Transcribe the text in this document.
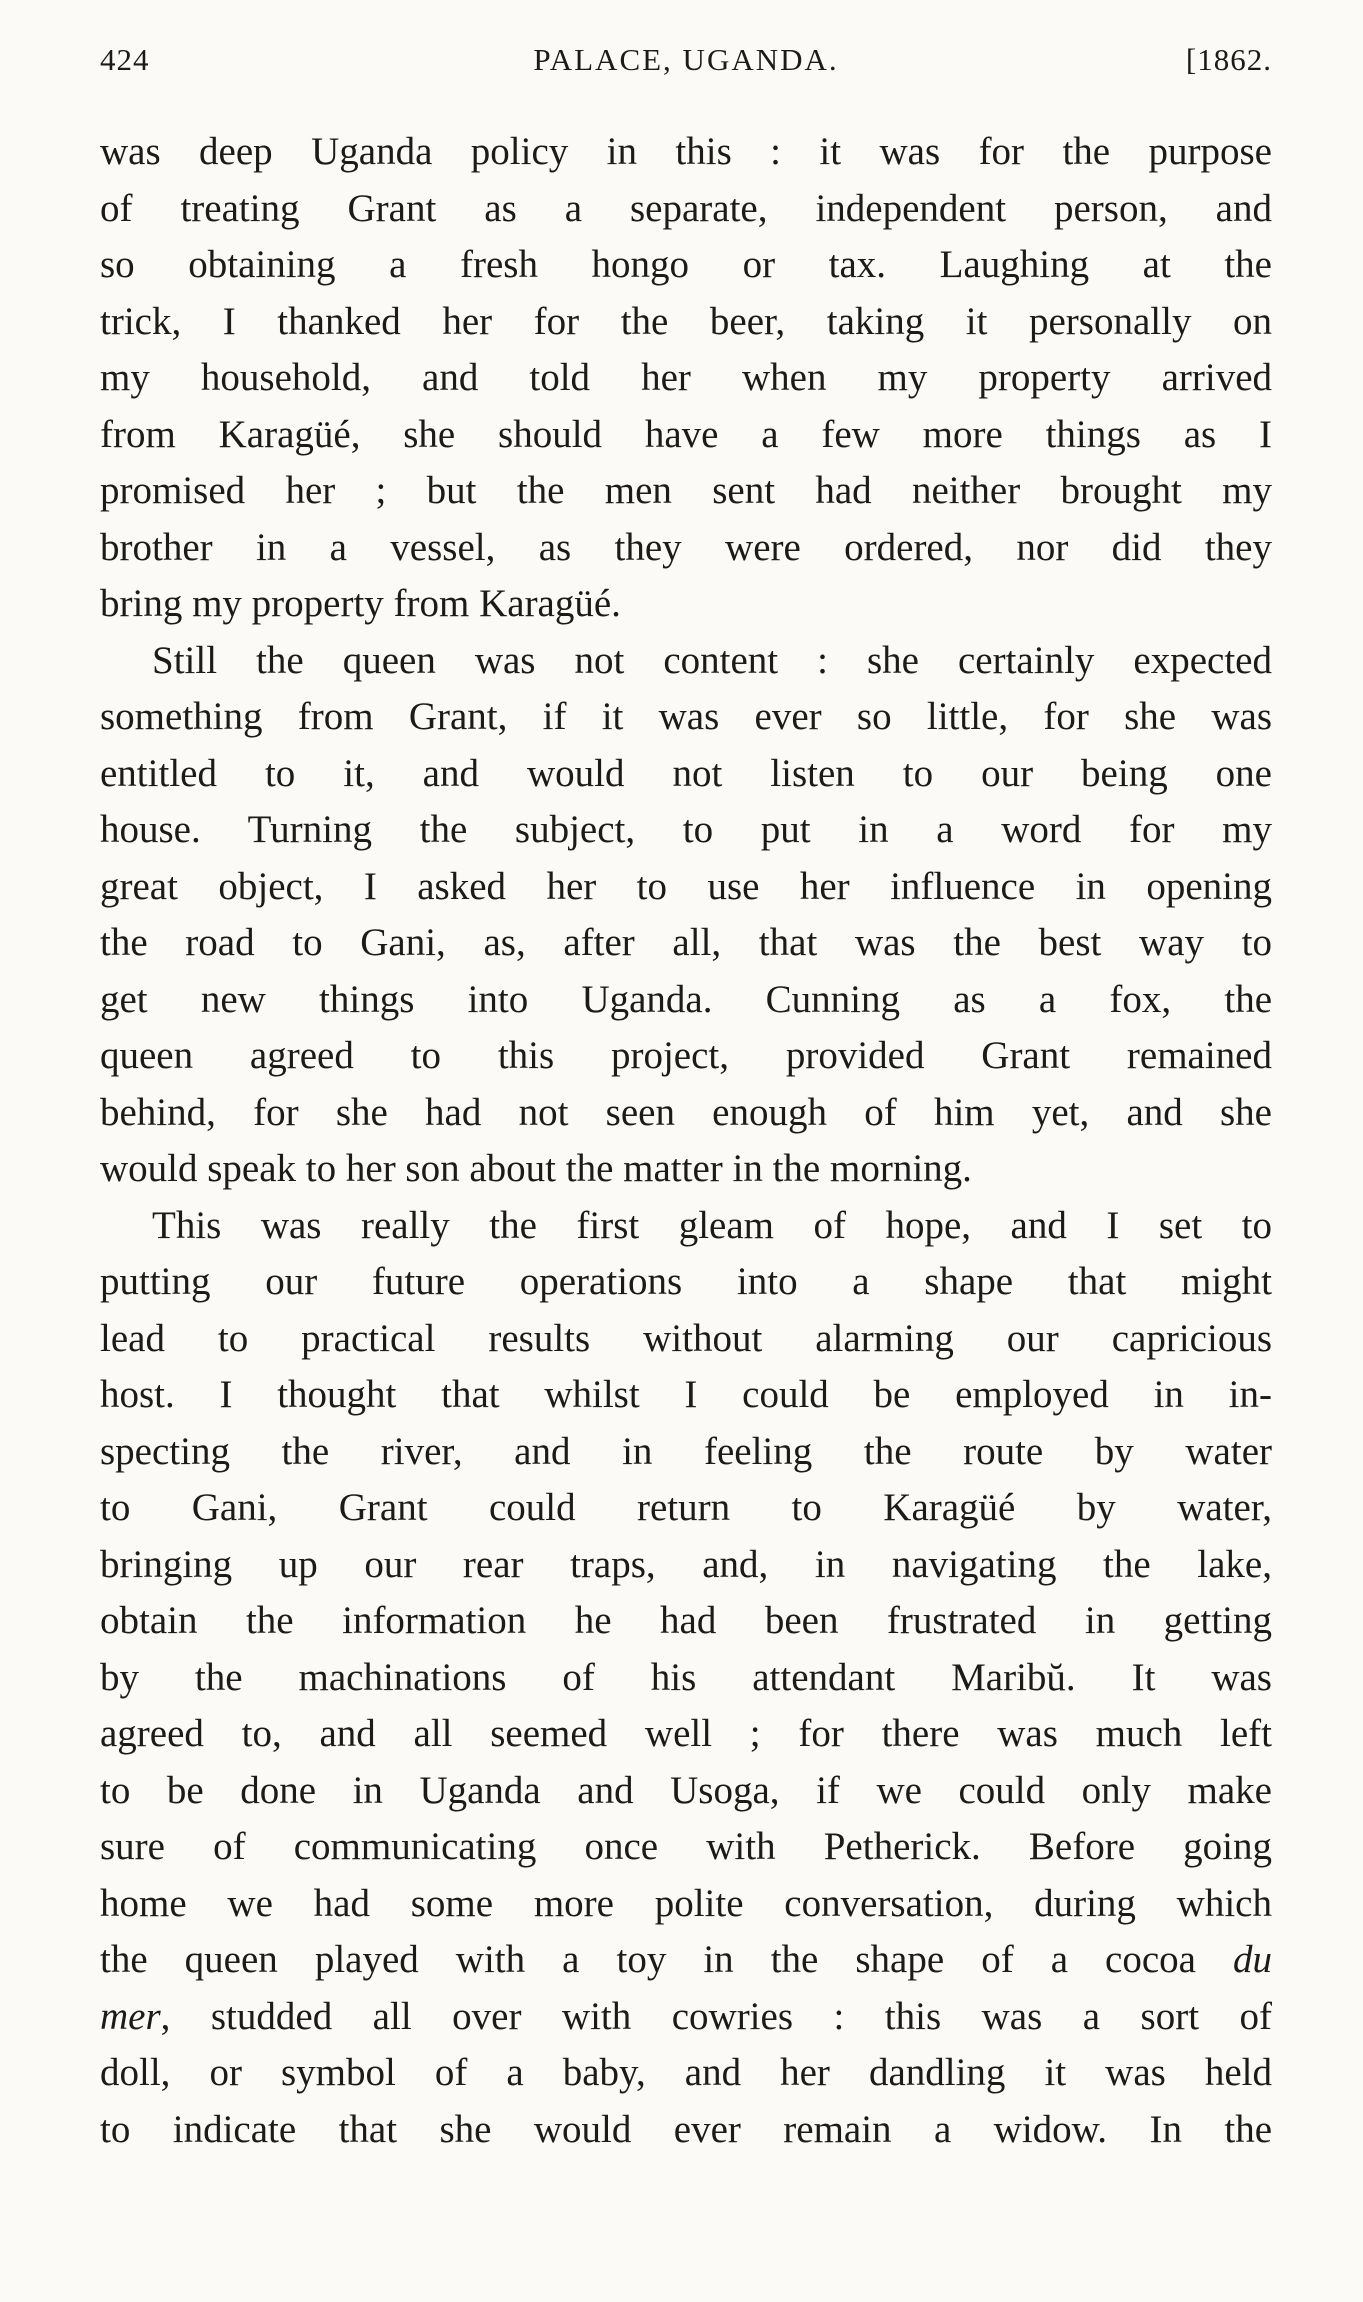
424	PALACE, UGANDA.	[1862.
was deep Uganda policy in this : it was for the purpose
of treating Grant as a separate, independent person, and
so obtaining a fresh hongo or tax. Laughing at the
trick, I thanked her for the beer, taking it personally on
my household, and told her when my property arrived
from Karagüé, she should have a few more things as I
promised her ; but the men sent had neither brought my
brother in a vessel, as they were ordered, nor did they
bring my property from Karagüé.
Still the queen was not content : she certainly expected
something from Grant, if it was ever so little, for she was
entitled to it, and would not listen to our being one
house. Turning the subject, to put in a word for my
great object, I asked her to use her influence in opening
the road to Gani, as, after all, that was the best way to
get new things into Uganda. Cunning as a fox, the
queen agreed to this project, provided Grant remained
behind, for she had not seen enough of him yet, and she
would speak to her son about the matter in the morning.
This was really the first gleam of hope, and I set to
putting our future operations into a shape that might
lead to practical results without alarming our capricious
host. I thought that whilst I could be employed in in-
specting the river, and in feeling the route by water
to Gani, Grant could return to Karagüé by water,
bringing up our rear traps, and, in navigating the lake,
obtain the information he had been frustrated in getting
by the machinations of his attendant Maribŭ. It was
agreed to, and all seemed well ; for there was much left
to be done in Uganda and Usoga, if we could only make
sure of communicating once with Petherick. Before going
home we had some more polite conversation, during which
the queen played with a toy in the shape of a cocoa du
mer, studded all over with cowries : this was a sort of
doll, or symbol of a baby, and her dandling it was held
to indicate that she would ever remain a widow. In the
